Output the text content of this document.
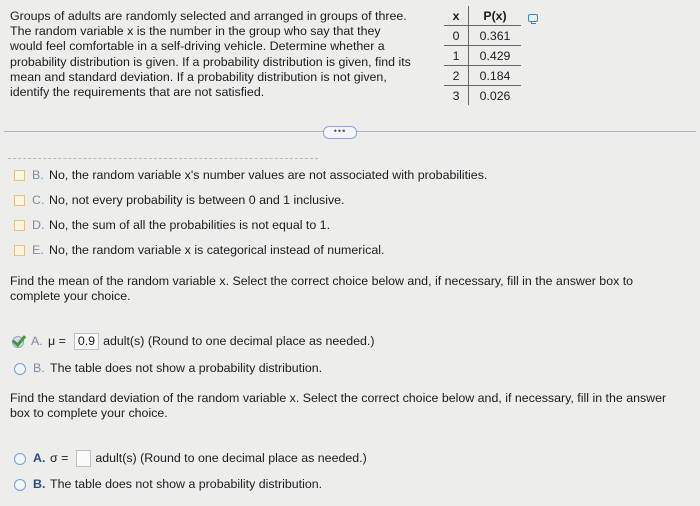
Groups of adults are randomly selected and arranged in groups of three.
The random variable x is the number in the group who say that they
would feel comfortable in a self-driving vehicle. Determine whether a
probability distribution is given. If a probability distribution is given, find its
mean and standard deviation. If a probability distribution is not given,
identify the requirements that are not satisfied.
x	P(x)
0	0.361
1	0.429
2	0.184
3	0.026
•••
B. No, the random variable x's number values are not associated with probabilities.
C. No, not every probability is between 0 and 1 inclusive.
D. No, the sum of all the probabilities is not equal to 1.
E. No, the random variable x is categorical instead of numerical.
Find the mean of the random variable x. Select the correct choice below and, if necessary, fill in the answer box to
complete your choice.
A. μ = 0.9 adult(s) (Round to one decimal place as needed.)
B. The table does not show a probability distribution.
Find the standard deviation of the random variable x. Select the correct choice below and, if necessary, fill in the answer
box to complete your choice.
A. σ = adult(s) (Round to one decimal place as needed.)
B. The table does not show a probability distribution.
